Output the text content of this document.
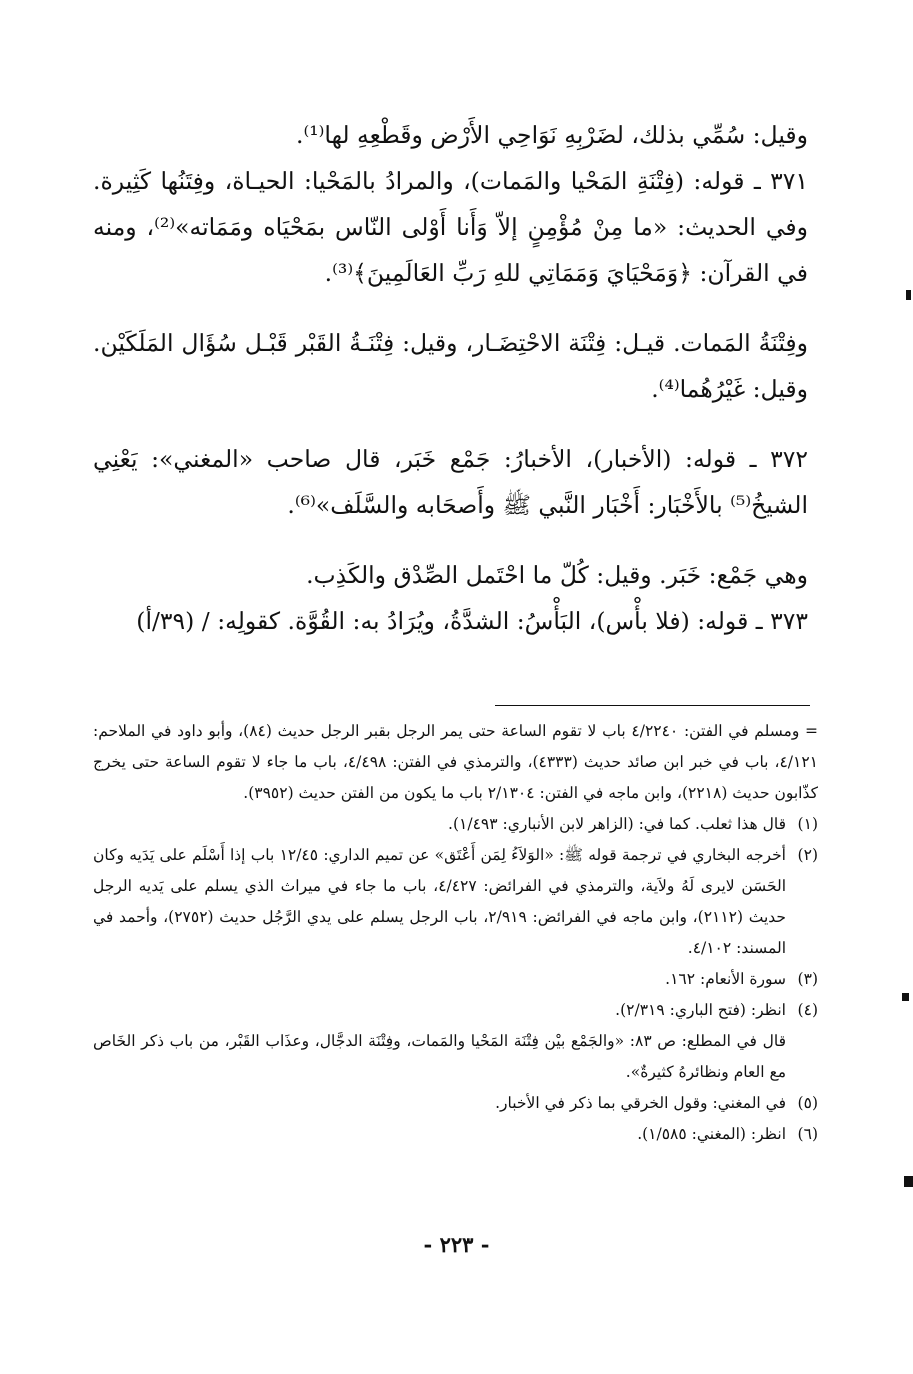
وقيل: سُمِّي بذلك، لضَرْبِهِ نَوَاحِي الأَرْض وقَطْعِهِ لها⁽¹⁾.

٣٧١ ـ قوله: (فِتْنَةِ المَحْيا والمَمات)، والمرادُ بالمَحْيا: الحيـاة، وفِتَنُها كَثِيرة. وفي الحديث: «ما مِنْ مُؤْمِنٍ إلاّ وَأَنا أَوْلى النّاس بمَحْيَاه ومَمَاته»⁽²⁾، ومنه في القرآن: ﴿وَمَحْيَايَ وَمَمَاتِي للهِ رَبِّ العَالَمِينَ﴾⁽³⁾.

وفِتْنَةُ المَمات. قيـل: فِتْنَة الاحْتِضَـار، وقيل: فِتْنَـةُ القَبْر قَبْـل سُؤَال المَلَكَيْن. وقيل: غَيْرُهُما⁽⁴⁾.

٣٧٢ ـ قوله: (الأخبار)، الأخبارُ: جَمْع خَبَر، قال صاحب «المغني»: يَعْنِي الشيخُ⁽⁵⁾ بالأَخْبَار: أَخْبَار النَّبي ﷺ وأَصحَابه والسَّلَف»⁽⁶⁾.

وهي جَمْع: خَبَر. وقيل: كُلّ ما احْتَمل الصِّدْق والكَذِب.

٣٧٣ ـ قوله: (فلا بأْس)، البَأْسُ: الشدَّةُ، ويُرَادُ به: القُوَّة. كقولِه: / (٣٩/أ)

= ومسلم في الفتن: ٤/٢٢٤٠ باب لا تقوم الساعة حتى يمر الرجل بقبر الرجل حديث (٨٤)، وأبو داود في الملاحم: ٤/١٢١، باب في خبر ابن صائد حديث (٤٣٣٣)، والترمذي في الفتن: ٤/٤٩٨، باب ما جاء لا تقوم الساعة حتى يخرج كذّابون حديث (٢٢١٨)، وابن ماجه في الفتن: ٢/١٣٠٤ باب ما يكون من الفتن حديث (٣٩٥٢).

(١)
قال هذا ثعلب. كما في: (الزاهر لابن الأنباري: ١/٤٩٣).

(٢)
أخرجه البخاري في ترجمة قوله ﷺ: «الوَلاَءُ لِمَن أَعْتَق» عن تميم الداري: ١٢/٤٥ باب إذا أَسْلَم على يَدَيه وكان الحَسَن لايرى لَهُ ولاَية، والترمذي في الفرائض: ٤/٤٢٧، باب ما جاء في ميراث الذي يسلم على يَديه الرجل حديث (٢١١٢)، وابن ماجه في الفرائض: ٢/٩١٩، باب الرجل يسلم على يدي الرَّجُل حديث (٢٧٥٢)، وأحمد في المسند: ٤/١٠٢.

(٣)
سورة الأنعام: ١٦٢.

(٤)
انظر: (فتح الباري: ٢/٣١٩).

قال في المطلع: ص ٨٣: «والجَمْع بيْن فِتْنَة المَحْيا والمَمات، وفِتْنَة الدجَّال، وعذَاب القَبْر، من باب ذكر الخَاص مع العام ونظائرهُ كثيرةٌ».

(٥)
في المغني: وقول الخرقي بما ذكر في الأخبار.

(٦)
انظر: (المغني: ١/٥٨٥).

- ٢٢٣ -
